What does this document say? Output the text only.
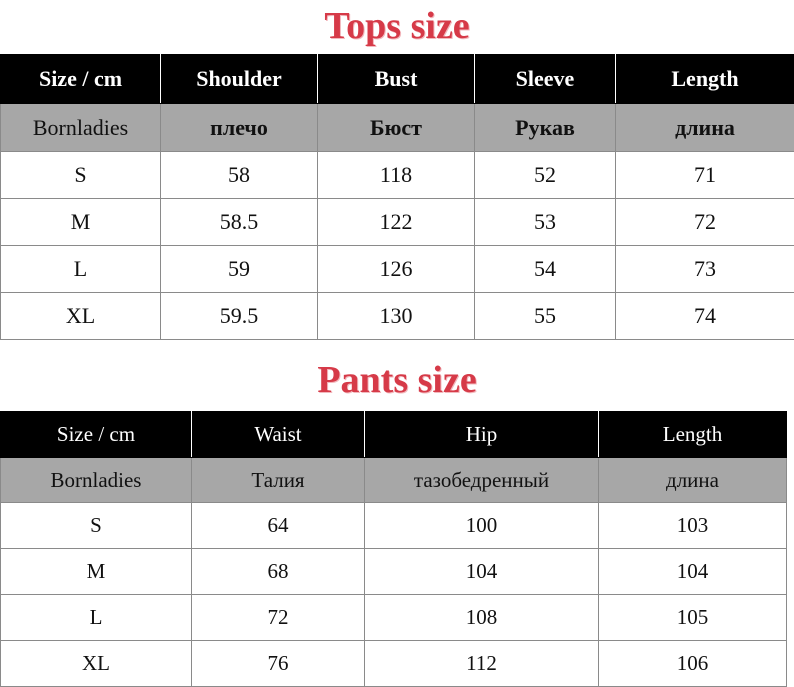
Tops size
Size / cm	Shoulder	Bust	Sleeve	Length
Bornladies	плечо	Бюст	Рукав	длина
S	58	118	52	71
M	58.5	122	53	72
L	59	126	54	73
XL	59.5	130	55	74
Pants size
Size / cm	Waist	Hip	Length
Bornladies	Талия	тазобедренный	длина
S	64	100	103
M	68	104	104
L	72	108	105
XL	76	112	106
